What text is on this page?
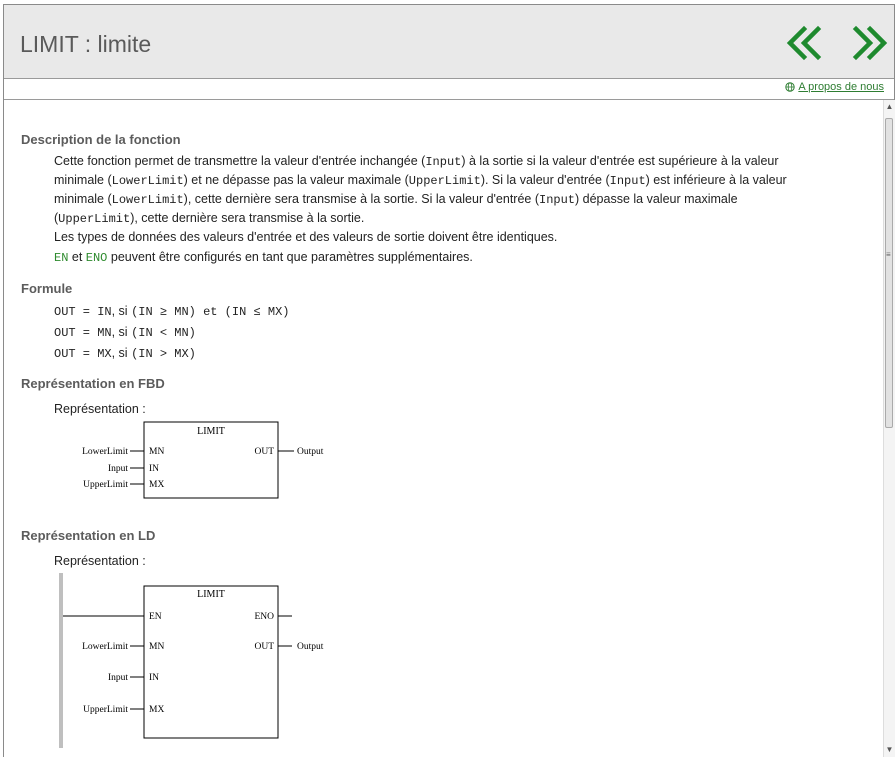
LIMIT : limite
A propos de nous
Description de la fonction
Cette fonction permet de transmettre la valeur d'entrée inchangée (Input) à la sortie si la valeur d'entrée est supérieure à la valeur
minimale (LowerLimit) et ne dépasse pas la valeur maximale (UpperLimit). Si la valeur d'entrée (Input) est inférieure à la valeur
minimale (LowerLimit), cette dernière sera transmise à la sortie. Si la valeur d'entrée (Input) dépasse la valeur maximale
(UpperLimit), cette dernière sera transmise à la sortie.
Les types de données des valeurs d'entrée et des valeurs de sortie doivent être identiques.
EN et ENO peuvent être configurés en tant que paramètres supplémentaires.
Formule
OUT = IN, si (IN ≥ MN) et (IN ≤ MX)
OUT = MN, si (IN < MN)
OUT = MX, si (IN > MX)
Représentation en FBD
Représentation :
LIMIT
LowerLimit
Input
UpperLimit
MN
IN
MX
OUT Output
Représentation en LD
Représentation :
LIMIT
EN
MN
IN
MX
LowerLimit
Input
UpperLimit
ENO
OUT Output
▲
≡
▼
